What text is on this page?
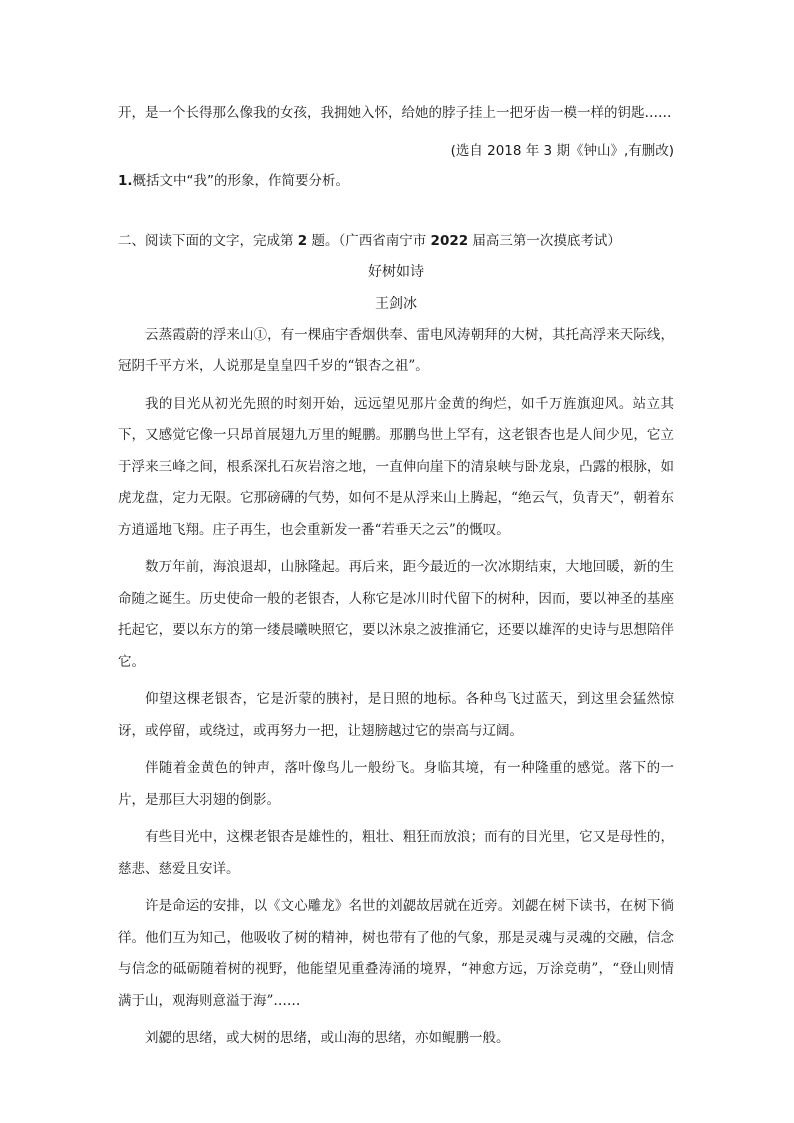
开，是一个长得那么像我的女孩，我拥她入怀，给她的脖子挂上一把牙齿一模一样的钥匙……

(选自 2018 年 3 期《钟山》,有删改)

1.概括文中“我”的形象，作简要分析。

二、阅读下面的文字，完成第 2 题。（广西省南宁市 2022 届高三第一次摸底考试）

好树如诗

王剑冰

云蒸霞蔚的浮来山①，有一棵庙宇香烟供奉、雷电风涛朝拜的大树，其托高浮来天际线，冠阴千平方米，人说那是皇皇四千岁的“银杏之祖”。

我的目光从初光先照的时刻开始，远远望见那片金黄的绚烂，如千万旌旗迎风。站立其下，又感觉它像一只昂首展翅九万里的鲲鹏。那鹏鸟世上罕有，这老银杏也是人间少见，它立于浮来三峰之间，根系深扎石灰岩溶之地，一直伸向崖下的清泉峡与卧龙泉，凸露的根脉，如虎龙盘，定力无限。它那磅礴的气势，如何不是从浮来山上腾起，“绝云气，负青天”，朝着东方逍遥地飞翔。庄子再生，也会重新发一番“若垂天之云”的慨叹。

数万年前，海浪退却，山脉隆起。再后来，距今最近的一次冰期结束，大地回暖，新的生命随之诞生。历史使命一般的老银杏，人称它是冰川时代留下的树种，因而，要以神圣的基座托起它，要以东方的第一缕晨曦映照它，要以沐泉之波推涌它，还要以雄浑的史诗与思想陪伴它。

仰望这棵老银杏，它是沂蒙的胰衬，是日照的地标。各种鸟飞过蓝天，到这里会猛然惊讶，或停留，或绕过，或再努力一把，让翅膀越过它的崇高与辽阔。

伴随着金黄色的钟声，落叶像鸟儿一般纷飞。身临其境，有一种隆重的感觉。落下的一片，是那巨大羽翅的倒影。

有些目光中，这棵老银杏是雄性的，粗壮、粗狂而放浪；而有的目光里，它又是母性的，慈悲、慈爱且安详。

许是命运的安排，以《文心雕龙》名世的刘勰故居就在近旁。刘勰在树下读书，在树下徜徉。他们互为知己，他吸收了树的精神，树也带有了他的气象，那是灵魂与灵魂的交融，信念与信念的砥砺随着树的视野，他能望见重叠涛涌的境界，“神愈方远，万涂竞萌”，“登山则情满于山，观海则意溢于海”……

刘勰的思绪，或大树的思绪，或山海的思绪，亦如鲲鹏一般。
